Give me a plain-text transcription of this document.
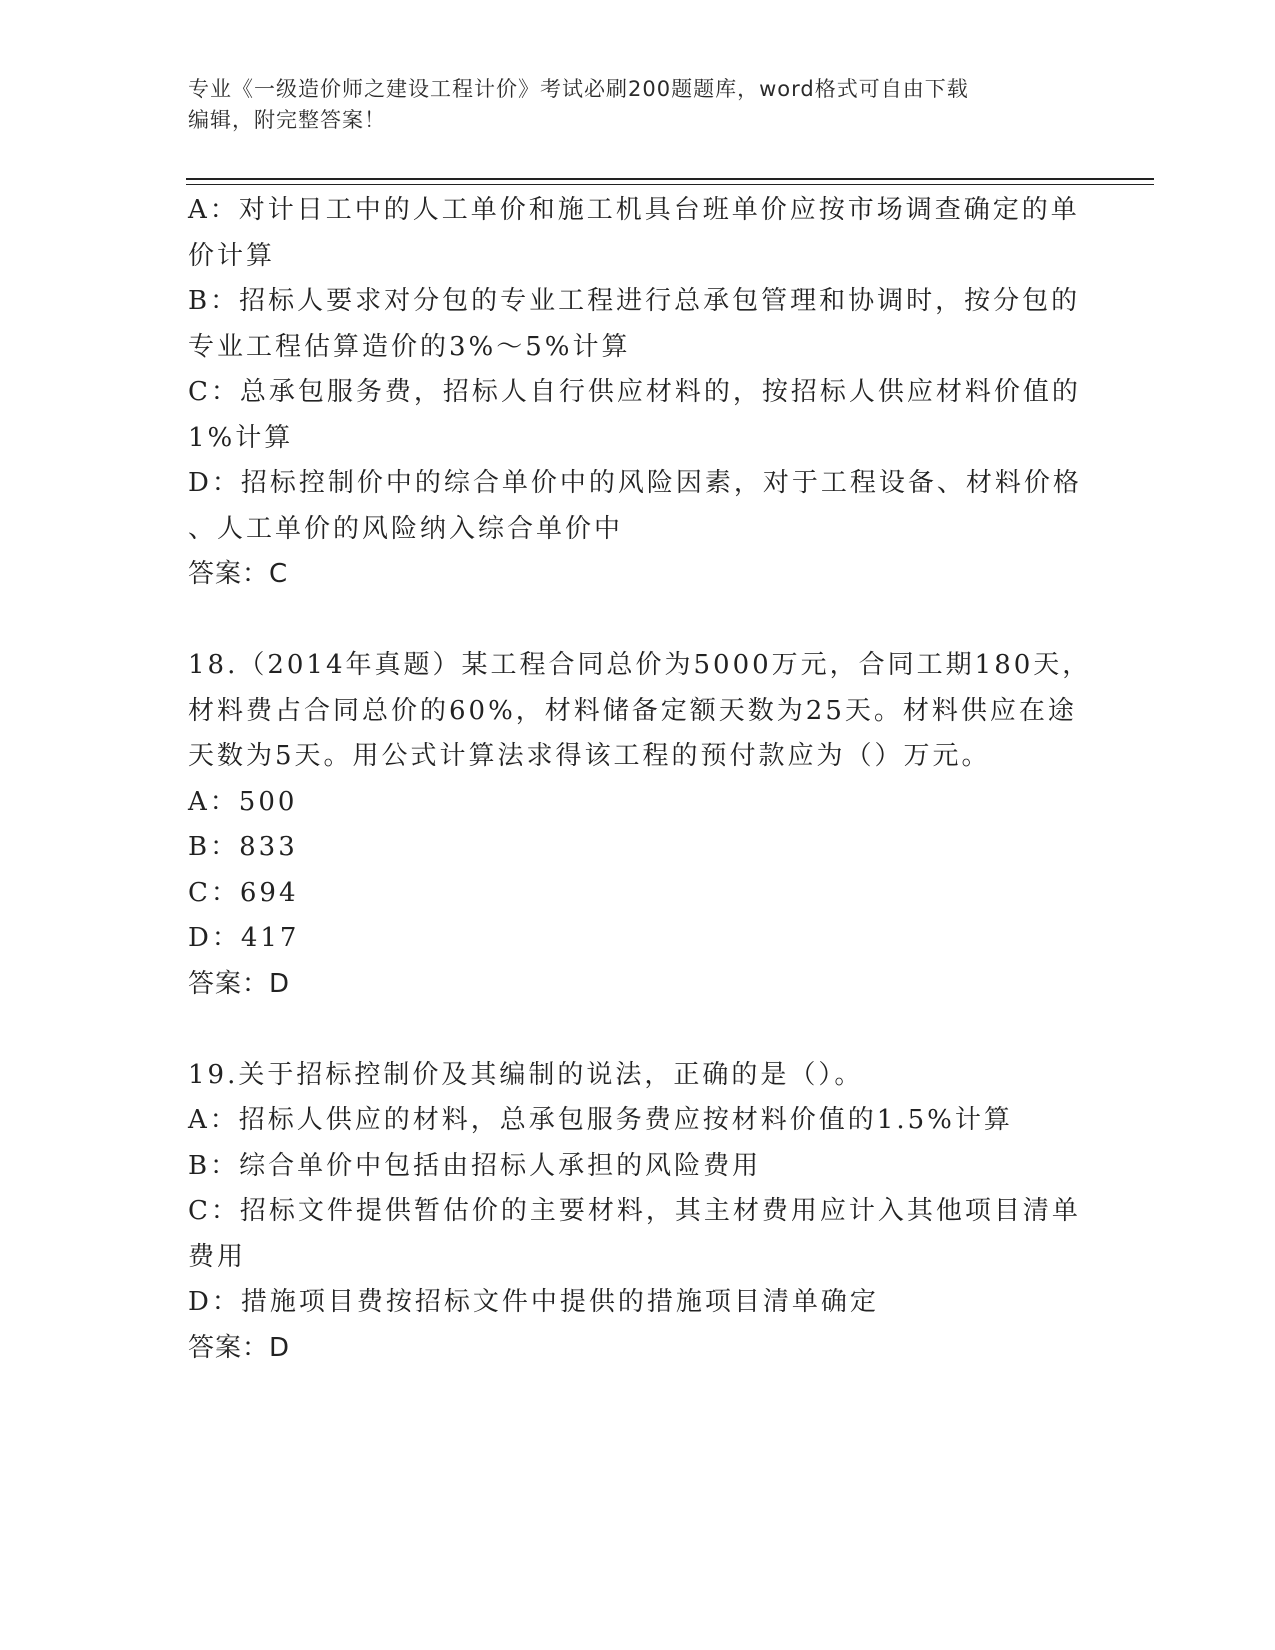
专业《一级造价师之建设工程计价》考试必刷200题题库，word格式可自由下载
编辑，附完整答案！
A：对计日工中的人工单价和施工机具台班单价应按市场调查确定的单
价计算
B：招标人要求对分包的专业工程进行总承包管理和协调时，按分包的
专业工程估算造价的3%～5%计算
C：总承包服务费，招标人自行供应材料的，按招标人供应材料价值的
1%计算
D：招标控制价中的综合单价中的风险因素，对于工程设备、材料价格
、人工单价的风险纳入综合单价中
答案：C
18.（2014年真题）某工程合同总价为5000万元，合同工期180天，
材料费占合同总价的60%，材料储备定额天数为25天。材料供应在途
天数为5天。用公式计算法求得该工程的预付款应为（）万元。
A：500
B：833
C：694
D：417
答案：D
19.关于招标控制价及其编制的说法，正确的是（）。
A：招标人供应的材料，总承包服务费应按材料价值的1.5%计算
B：综合单价中包括由招标人承担的风险费用
C：招标文件提供暂估价的主要材料，其主材费用应计入其他项目清单
费用
D：措施项目费按招标文件中提供的措施项目清单确定
答案：D
